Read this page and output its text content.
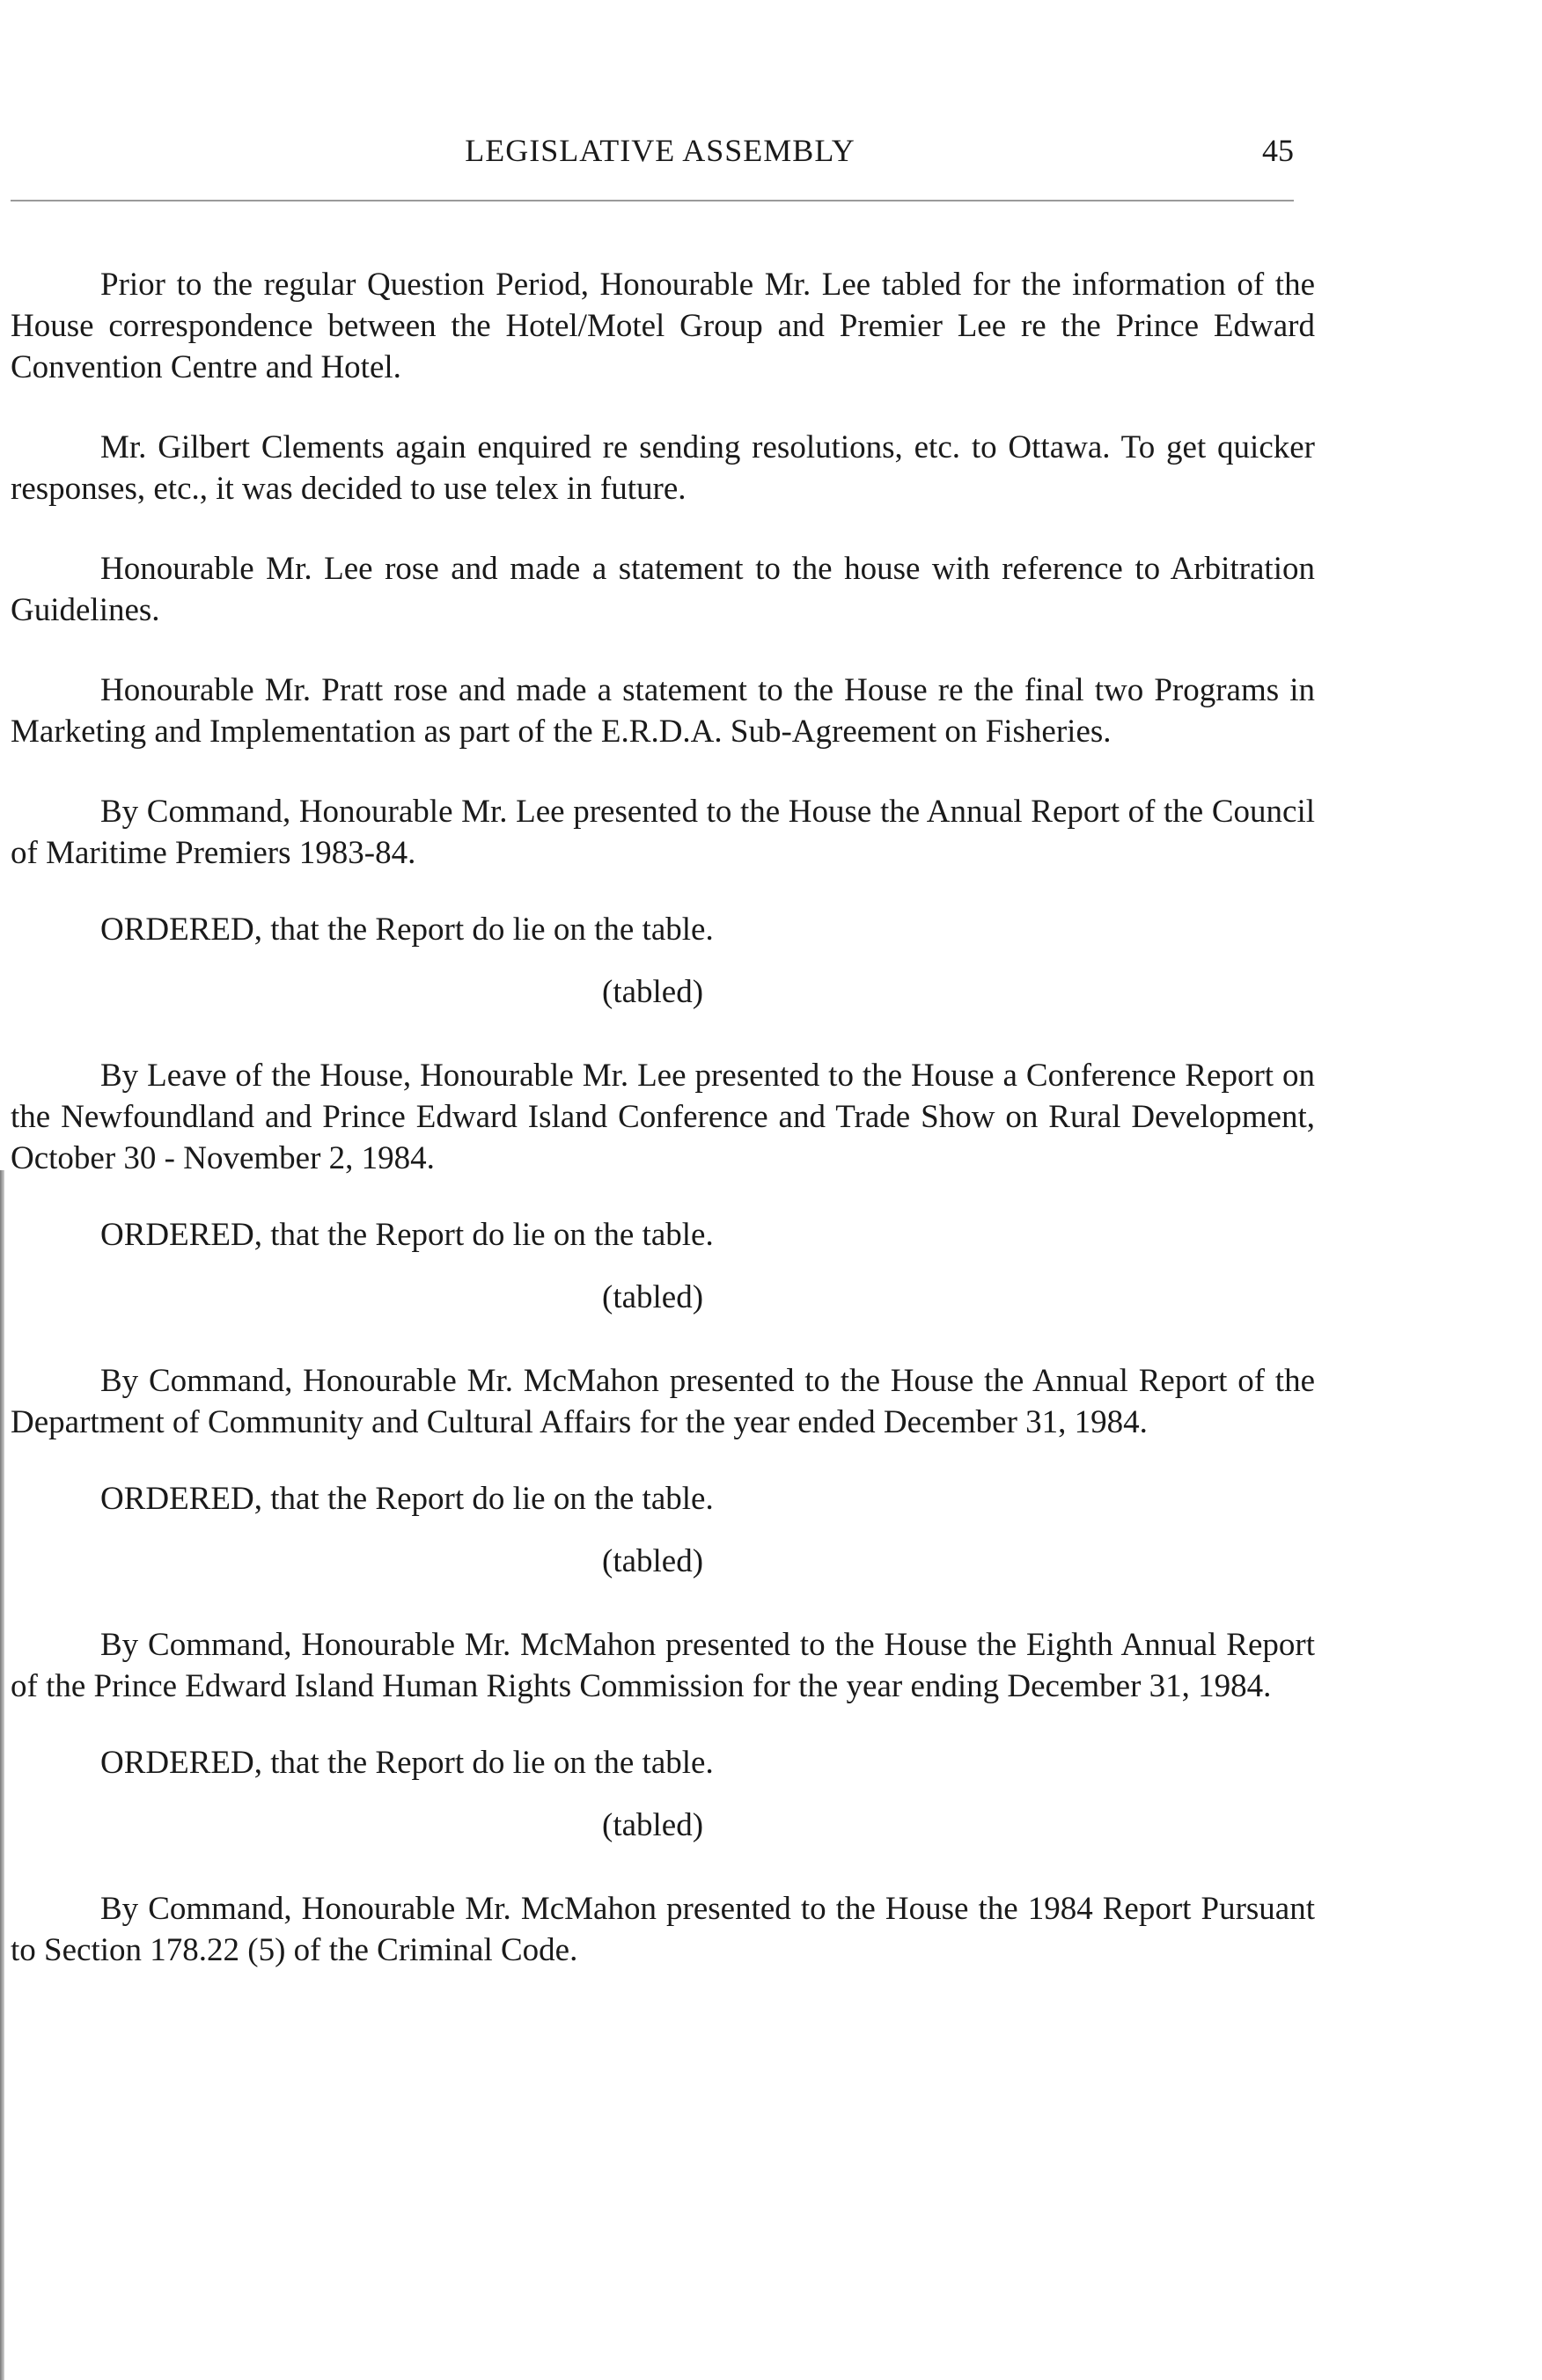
LEGISLATIVE ASSEMBLY	45

Prior to the regular Question Period, Honourable Mr. Lee tabled for the information of the House correspondence between the Hotel/Motel Group and Premier Lee re the Prince Edward Convention Centre and Hotel.

Mr. Gilbert Clements again enquired re sending resolutions, etc. to Ottawa. To get quicker responses, etc., it was decided to use telex in future.

Honourable Mr. Lee rose and made a statement to the house with reference to Arbitration Guidelines.

Honourable Mr. Pratt rose and made a statement to the House re the final two Programs in Marketing and Implementation as part of the E.R.D.A. Sub-Agreement on Fisheries.

By Command, Honourable Mr. Lee presented to the House the Annual Report of the Council of Maritime Premiers 1983-84.

ORDERED, that the Report do lie on the table.

(tabled)

By Leave of the House, Honourable Mr. Lee presented to the House a Conference Report on the Newfoundland and Prince Edward Island Conference and Trade Show on Rural Development, October 30 - November 2, 1984.

ORDERED, that the Report do lie on the table.

(tabled)

By Command, Honourable Mr. McMahon presented to the House the Annual Report of the Department of Community and Cultural Affairs for the year ended December 31, 1984.

ORDERED, that the Report do lie on the table.

(tabled)

By Command, Honourable Mr. McMahon presented to the House the Eighth Annual Report of the Prince Edward Island Human Rights Commission for the year ending December 31, 1984.

ORDERED, that the Report do lie on the table.

(tabled)

By Command, Honourable Mr. McMahon presented to the House the 1984 Report Pursuant to Section 178.22 (5) of the Criminal Code.
